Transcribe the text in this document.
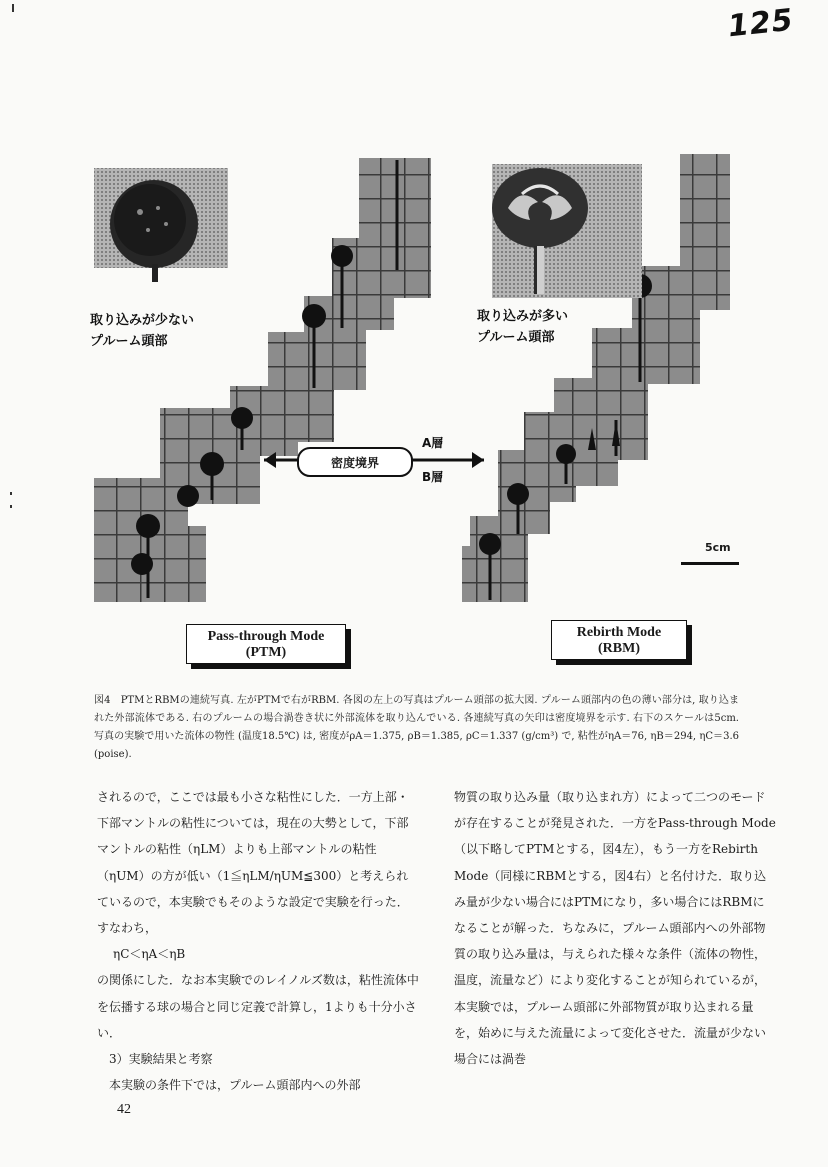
125
取り込みが少ない
プルーム頭部
取り込みが多い
プルーム頭部
密度境界
A層
B層
5cm
Pass-through Mode
(PTM)
Rebirth Mode
(RBM)
図4　PTMとRBMの連続写真. 左がPTMで右がRBM. 各図の左上の写真はプルーム頭部の拡大図. プルーム頭部内の色の薄い部分は, 取り込まれた外部流体である. 右のプルームの場合渦巻き状に外部流体を取り込んでいる. 各連続写真の矢印は密度境界を示す. 右下のスケールは5cm. 写真の実験で用いた流体の物性 (温度18.5℃) は, 密度がρA＝1.375, ρB＝1.385, ρC＝1.337 (g/cm³) で, 粘性がηA＝76, ηB＝294, ηC＝3.6 (poise).

されるので，ここでは最も小さな粘性にした．一方上部・下部マントルの粘性については，現在の大勢として，下部マントルの粘性（ηLM）よりも上部マントルの粘性（ηUM）の方が低い（1≦ηLM/ηUM≦300）と考えられているので，本実験でもそのような設定で実験を行った．すなわち，

ηC＜ηA＜ηB

の関係にした．なお本実験でのレイノルズ数は，粘性流体中を伝播する球の場合と同じ定義で計算し，1よりも十分小さい．

3）実験結果と考察

本実験の条件下では，プルーム頭部内への外部

物質の取り込み量（取り込まれ方）によって二つのモードが存在することが発見された．一方をPass-through Mode（以下略してPTMとする，図4左），もう一方をRebirth Mode（同様にRBMとする，図4右）と名付けた．取り込み量が少ない場合にはPTMになり，多い場合にはRBMになることが解った．ちなみに，プルーム頭部内への外部物質の取り込み量は，与えられた様々な条件（流体の物性，温度，流量など）により変化することが知られているが，本実験では，プルーム頭部に外部物質が取り込まれる量を，始めに与えた流量によって変化させた．流量が少ない場合には渦巻

42
